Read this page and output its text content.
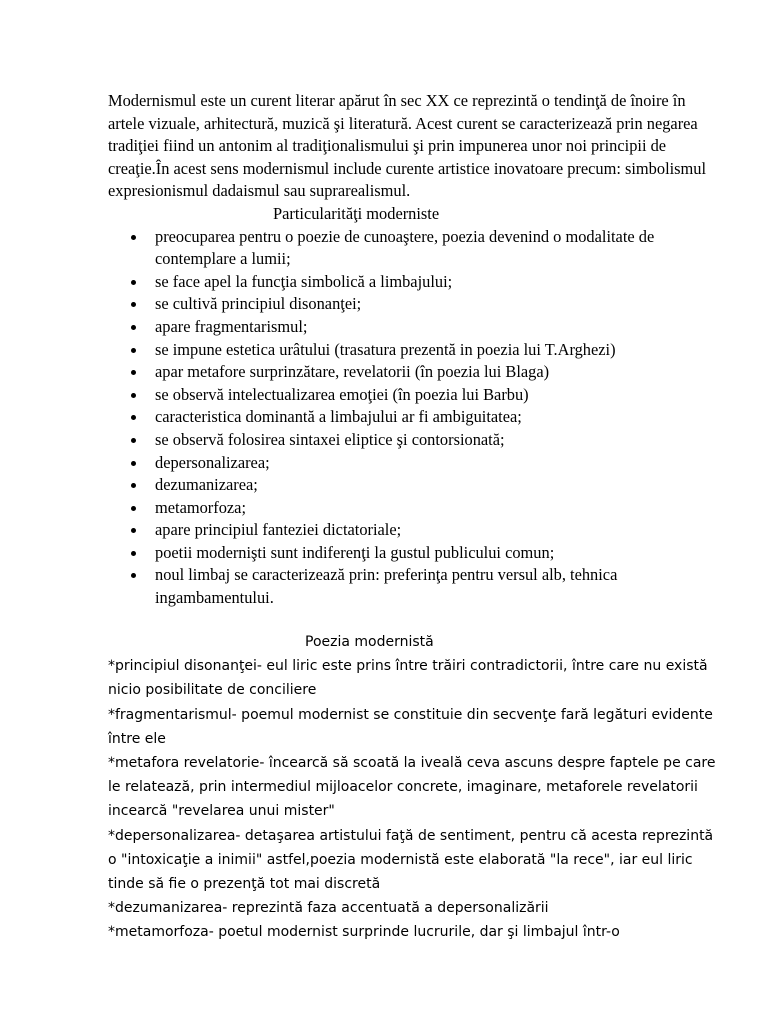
Modernismul este un curent literar apărut în sec XX ce reprezintă o tendinţă de înoire în artele vizuale, arhitectură, muzică şi literatură. Acest curent se caracterizează prin negarea tradiţiei fiind un antonim al tradiţionalismului şi prin impunerea unor noi principii de creaţie.În acest sens modernismul include curente artistice inovatoare precum: simbolismul expresionismul dadaismul sau suprarealismul.

Particularităţi moderniste

preocuparea pentru o poezie de cunoaştere, poezia devenind o modalitate de contemplare a lumii;
se face apel la funcţia simbolică a limbajului;
se cultivă principiul disonanţei;
apare fragmentarismul;
se impune estetica urâtului (trasatura prezentă in poezia lui T.Arghezi)
apar metafore surprinzătare, revelatorii (în poezia lui Blaga)
se observă intelectualizarea emoţiei (în poezia lui Barbu)
caracteristica dominantă a limbajului ar fi ambiguitatea;
se observă folosirea sintaxei eliptice şi contorsionată;
depersonalizarea;
dezumanizarea;
metamorfoza;
apare principiul fanteziei dictatoriale;
poetii modernişti sunt indiferenţi la gustul publicului comun;
noul limbaj se caracterizează prin: preferinţa pentru versul alb, tehnica ingambamentului.

Poezia modernistă

*principiul disonanţei- eul liric este prins între trăiri contradictorii, între care nu există nicio posibilitate de conciliere

*fragmentarismul- poemul modernist se constituie din secvenţe fară legături evidente între ele

*metafora revelatorie- încearcă să scoată la iveală ceva ascuns despre faptele pe care le relatează, prin intermediul mijloacelor concrete, imaginare, metaforele revelatorii incearcă "revelarea unui mister"

*depersonalizarea- detaşarea artistului faţă de sentiment, pentru că acesta reprezintă o "intoxicaţie a inimii" astfel,poezia modernistă este elaborată "la rece", iar eul liric tinde să fie o prezenţă tot mai discretă

*dezumanizarea- reprezintă faza accentuată a depersonalizării

*metamorfoza- poetul modernist surprinde lucrurile, dar şi limbajul într-o
